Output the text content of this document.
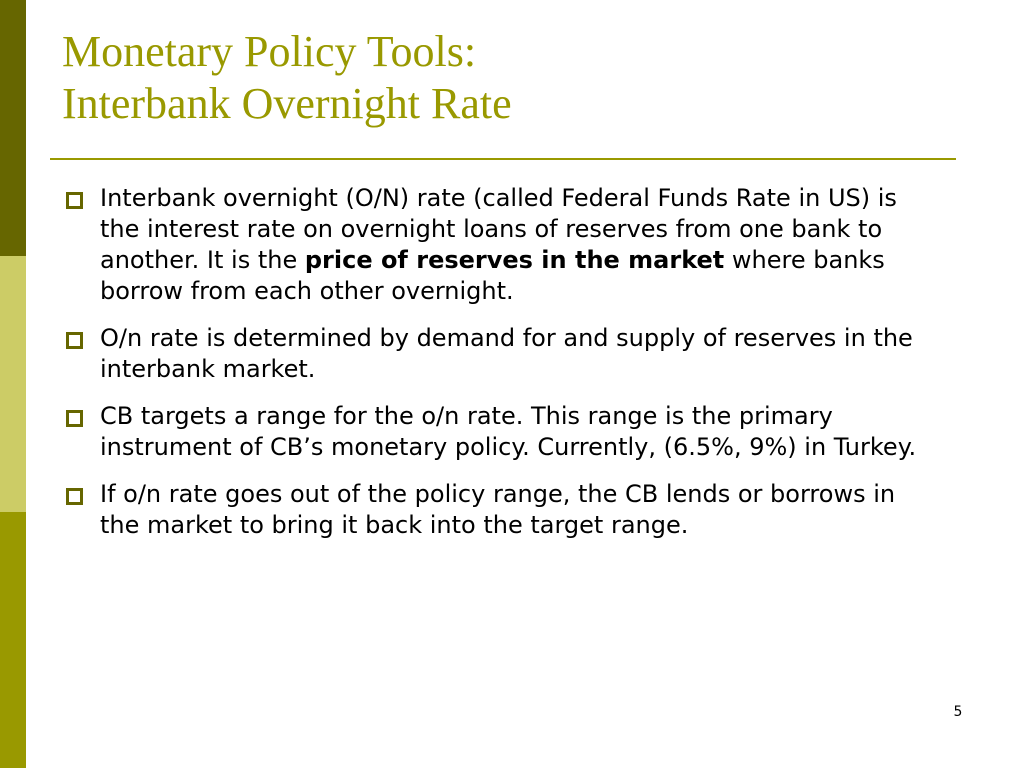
Monetary Policy Tools:
Interbank Overnight Rate
Interbank overnight (O/N) rate (called Federal Funds Rate in US) is the interest rate on overnight loans of reserves from one bank to another. It is the price of reserves in the market where banks borrow from each other overnight.
O/n rate is determined by demand for and supply of reserves in the interbank market.
CB targets a range for the o/n rate. This range is the primary instrument of CB’s monetary policy. Currently, (6.5%, 9%) in Turkey.
If o/n rate goes out of the policy range, the CB lends or borrows in the market to bring it back into the target range.
5
